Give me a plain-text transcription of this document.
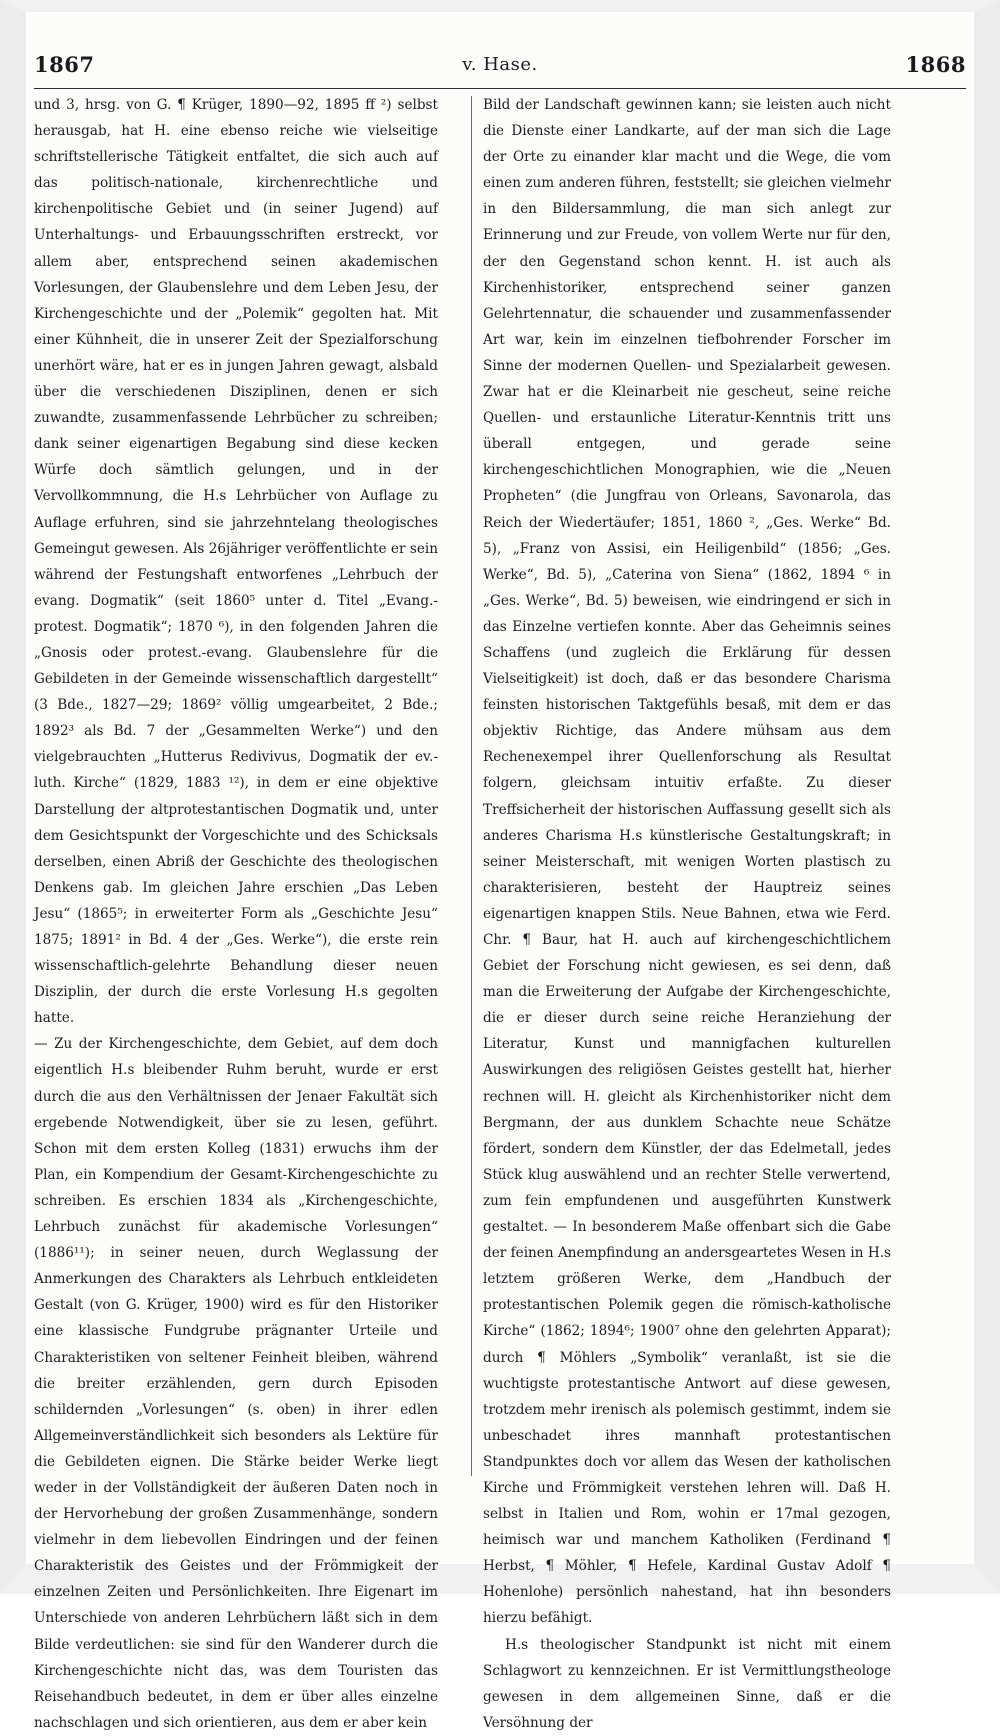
1867	v. Hase.	1868

und 3, hrsg. von G. ¶ Krüger, 1890—92, 1895 ff ²) selbst herausgab, hat H. eine ebenso reiche wie vielseitige schriftstellerische Tätigkeit entfaltet, die sich auch auf das politisch-nationale, kirchenrechtliche und kirchenpolitische Gebiet und (in seiner Jugend) auf Unterhaltungs- und Erbauungsschriften erstreckt, vor allem aber, entsprechend seinen akademischen Vorlesungen, der Glaubenslehre und dem Leben Jesu, der Kirchengeschichte und der „Polemik“ gegolten hat. Mit einer Kühnheit, die in unserer Zeit der Spezialforschung unerhört wäre, hat er es in jungen Jahren gewagt, alsbald über die verschiedenen Disziplinen, denen er sich zuwandte, zusammenfassende Lehrbücher zu schreiben; dank seiner eigenartigen Begabung sind diese kecken Würfe doch sämtlich gelungen, und in der Vervollkommnung, die H.s Lehrbücher von Auflage zu Auflage erfuhren, sind sie jahrzehntelang theologisches Gemeingut gewesen. Als 26jähriger veröffentlichte er sein während der Festungshaft entworfenes „Lehrbuch der evang. Dogmatik“ (seit 1860⁵ unter d. Titel „Evang.-protest. Dogmatik“; 1870 ⁶), in den folgenden Jahren die „Gnosis oder protest.-evang. Glaubenslehre für die Gebildeten in der Gemeinde wissenschaftlich dargestellt“ (3 Bde., 1827—29; 1869² völlig umgearbeitet, 2 Bde.; 1892³ als Bd. 7 der „Gesammelten Werke“) und den vielgebrauchten „Hutterus Redivivus, Dogmatik der ev.-luth. Kirche“ (1829, 1883 ¹²), in dem er eine objektive Darstellung der altprotestantischen Dogmatik und, unter dem Gesichtspunkt der Vorgeschichte und des Schicksals derselben, einen Abriß der Geschichte des theologischen Denkens gab. Im gleichen Jahre erschien „Das Leben Jesu“ (1865⁵; in erweiterter Form als „Geschichte Jesu“ 1875; 1891² in Bd. 4 der „Ges. Werke“), die erste rein wissenschaftlich-gelehrte Behandlung dieser neuen Disziplin, der durch die erste Vorlesung H.s gegolten hatte.

— Zu der Kirchengeschichte, dem Gebiet, auf dem doch eigentlich H.s bleibender Ruhm beruht, wurde er erst durch die aus den Verhältnissen der Jenaer Fakultät sich ergebende Notwendigkeit, über sie zu lesen, geführt. Schon mit dem ersten Kolleg (1831) erwuchs ihm der Plan, ein Kompendium der Gesamt-Kirchengeschichte zu schreiben. Es erschien 1834 als „Kirchengeschichte, Lehrbuch zunächst für akademische Vorlesungen“ (1886¹¹); in seiner neuen, durch Weglassung der Anmerkungen des Charakters als Lehrbuch entkleideten Gestalt (von G. Krüger, 1900) wird es für den Historiker eine klassische Fundgrube prägnanter Urteile und Charakteristiken von seltener Feinheit bleiben, während die breiter erzählenden, gern durch Episoden schildernden „Vorlesungen“ (s. oben) in ihrer edlen Allgemeinverständlichkeit sich besonders als Lektüre für die Gebildeten eignen. Die Stärke beider Werke liegt weder in der Vollständigkeit der äußeren Daten noch in der Hervorhebung der großen Zusammenhänge, sondern vielmehr in dem liebevollen Eindringen und der feinen Charakteristik des Geistes und der Frömmigkeit der einzelnen Zeiten und Persönlichkeiten. Ihre Eigenart im Unterschiede von anderen Lehrbüchern läßt sich in dem Bilde verdeutlichen: sie sind für den Wanderer durch die Kirchengeschichte nicht das, was dem Touristen das Reisehandbuch bedeutet, in dem er über alles einzelne nachschlagen und sich orientieren, aus dem er aber kein

Bild der Landschaft gewinnen kann; sie leisten auch nicht die Dienste einer Landkarte, auf der man sich die Lage der Orte zu einander klar macht und die Wege, die vom einen zum anderen führen, feststellt; sie gleichen vielmehr in den Bildersammlung, die man sich anlegt zur Erinnerung und zur Freude, von vollem Werte nur für den, der den Gegenstand schon kennt. H. ist auch als Kirchenhistoriker, entsprechend seiner ganzen Gelehrtennatur, die schauender und zusammenfassender Art war, kein im einzelnen tiefbohrender Forscher im Sinne der modernen Quellen- und Spezialarbeit gewesen. Zwar hat er die Kleinarbeit nie gescheut, seine reiche Quellen- und erstaunliche Literatur-Kenntnis tritt uns überall entgegen, und gerade seine kirchengeschichtlichen Monographien, wie die „Neuen Propheten“ (die Jungfrau von Orleans, Savonarola, das Reich der Wiedertäufer; 1851, 1860 ², „Ges. Werke“ Bd. 5), „Franz von Assisi, ein Heiligenbild“ (1856; „Ges. Werke“, Bd. 5), „Caterina von Siena“ (1862, 1894 ⁶ in „Ges. Werke“, Bd. 5) beweisen, wie eindringend er sich in das Einzelne vertiefen konnte. Aber das Geheimnis seines Schaffens (und zugleich die Erklärung für dessen Vielseitigkeit) ist doch, daß er das besondere Charisma feinsten historischen Taktgefühls besaß, mit dem er das objektiv Richtige, das Andere mühsam aus dem Rechenexempel ihrer Quellenforschung als Resultat folgern, gleichsam intuitiv erfaßte. Zu dieser Treffsicherheit der historischen Auffassung gesellt sich als anderes Charisma H.s künstlerische Gestaltungskraft; in seiner Meisterschaft, mit wenigen Worten plastisch zu charakterisieren, besteht der Hauptreiz seines eigenartigen knappen Stils. Neue Bahnen, etwa wie Ferd. Chr. ¶ Baur, hat H. auch auf kirchengeschichtlichem Gebiet der Forschung nicht gewiesen, es sei denn, daß man die Erweiterung der Aufgabe der Kirchengeschichte, die er dieser durch seine reiche Heranziehung der Literatur, Kunst und mannigfachen kulturellen Auswirkungen des religiösen Geistes gestellt hat, hierher rechnen will. H. gleicht als Kirchenhistoriker nicht dem Bergmann, der aus dunklem Schachte neue Schätze fördert, sondern dem Künstler, der das Edelmetall, jedes Stück klug auswählend und an rechter Stelle verwertend, zum fein empfundenen und ausgeführten Kunstwerk gestaltet. — In besonderem Maße offenbart sich die Gabe der feinen Anempfindung an andersgeartetes Wesen in H.s letztem größeren Werke, dem „Handbuch der protestantischen Polemik gegen die römisch-katholische Kirche“ (1862; 1894⁶; 1900⁷ ohne den gelehrten Apparat); durch ¶ Möhlers „Symbolik“ veranlaßt, ist sie die wuchtigste protestantische Antwort auf diese gewesen, trotzdem mehr irenisch als polemisch gestimmt, indem sie unbeschadet ihres mannhaft protestantischen Standpunktes doch vor allem das Wesen der katholischen Kirche und Frömmigkeit verstehen lehren will. Daß H. selbst in Italien und Rom, wohin er 17mal gezogen, heimisch war und manchem Katholiken (Ferdinand ¶ Herbst, ¶ Möhler, ¶ Hefele, Kardinal Gustav Adolf ¶ Hohenlohe) persönlich nahestand, hat ihn besonders hierzu befähigt.

H.s theologischer Standpunkt ist nicht mit einem Schlagwort zu kennzeichnen. Er ist Vermittlungstheologe gewesen in dem allgemeinen Sinne, daß er die Versöhnung der
